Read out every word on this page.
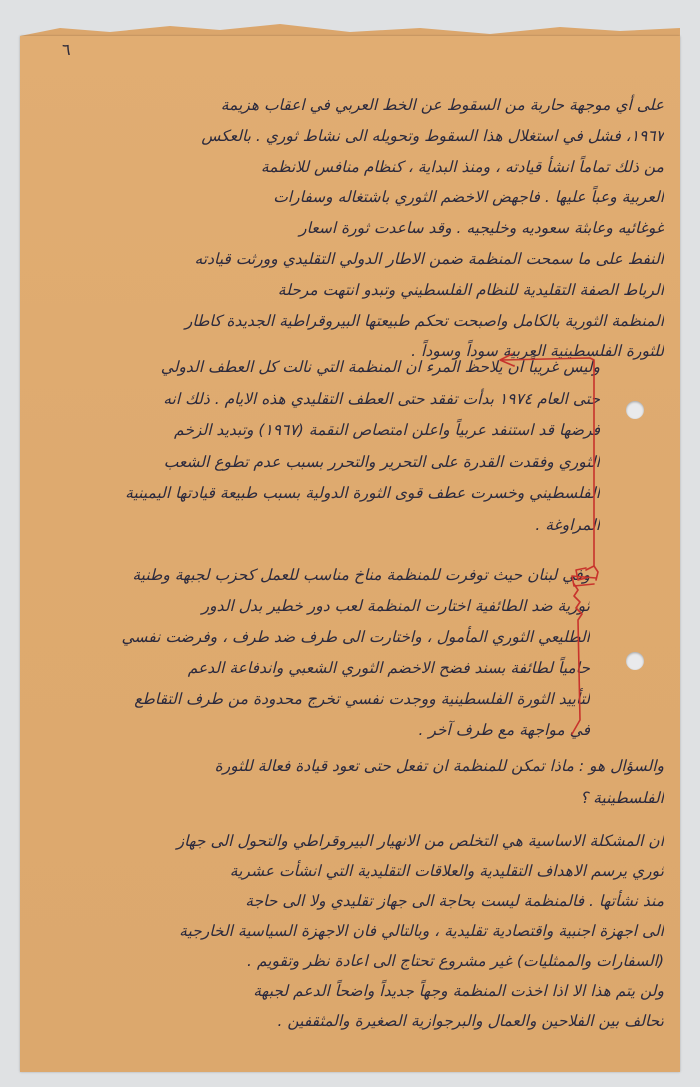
٦
على أي موجهة حاربة من السقوط عن الخط العربي في اعقاب هزيمة
١٩٦٧، فشل في استغلال هذا السقوط وتحويله الى نشاط ثوري . بالعكس
من ذلك تماماً انشأ قيادته ، ومنذ البداية ، كنظام منافس للانظمة
العربية وعباً عليها . فاجهض الاخضم الثوري باشتغاله وسفارات
غوغائيه وعابثة سعوديه وخليجيه . وقد ساعدت ثورة اسعار
النفط على ما سمحت المنظمة ضمن الاطار الدولي التقليدي وورثت قيادته
الرباط الصفة التقليدية للنظام الفلسطيني وتبدو انتهت مرحلة
المنظمة الثورية بالكامل واصبحت تحكم طبيعتها البيروقراطية الجديدة كاطار
للثورة الفلسطينية العربية سوداً وسوداً .
وليس غريباً ان يلاحظ المرء ان المنظمة التي نالت كل العطف الدولي
حتى العام ١٩٧٤ بدأت تفقد حتى العطف التقليدي هذه الايام . ذلك انه
فرضها قد استنفد عربياً واعلن امتصاص النقمة (١٩٦٧) وتبديد الزخم
الثوري وفقدت القدرة على التحرير والتحرر بسبب عدم تطوع الشعب
الفلسطيني وخسرت عطف قوى الثورة الدولية بسبب طبيعة قيادتها اليمينية
المراوغة .
وفي لبنان حيث توفرت للمنظمة مناخ مناسب للعمل كحزب لجبهة وطنية
ثورية ضد الطائفية اختارت المنظمة لعب دور خطير بدل الدور
الطليعي الثوري المأمول ، واختارت الى طرف ضد طرف ، وفرضت نفسي
حامياً لطائفة بسند فضح الاخضم الثوري الشعبي واندفاعة الدعم
لتأييد الثورة الفلسطينية ووجدت نفسي تخرج محدودة من طرف التقاطع
في مواجهة مع طرف آخر .
والسؤال هو : ماذا تمكن للمنظمة ان تفعل حتى تعود قيادة فعالة للثورة
الفلسطينية ؟
ان المشكلة الاساسية هي التخلص من الانهيار البيروقراطي والتحول الى جهاز
ثوري يرسم الاهداف التقليدية والعلاقات التقليدية التي انشأت عشرية
منذ نشأتها . فالمنظمة ليست بحاجة الى جهاز تقليدي ولا الى حاجة
الى اجهزة اجنبية واقتصادية تقليدية ، وبالتالي فان الاجهزة السياسية الخارجية
(السفارات والممثليات) غير مشروع تحتاج الى اعادة نظر وتقويم .
ولن يتم هذا الا اذا اخذت المنظمة وجهاً جديداً واضحاً الدعم لجبهة
تحالف بين الفلاحين والعمال والبرجوازية الصغيرة والمثقفين .
